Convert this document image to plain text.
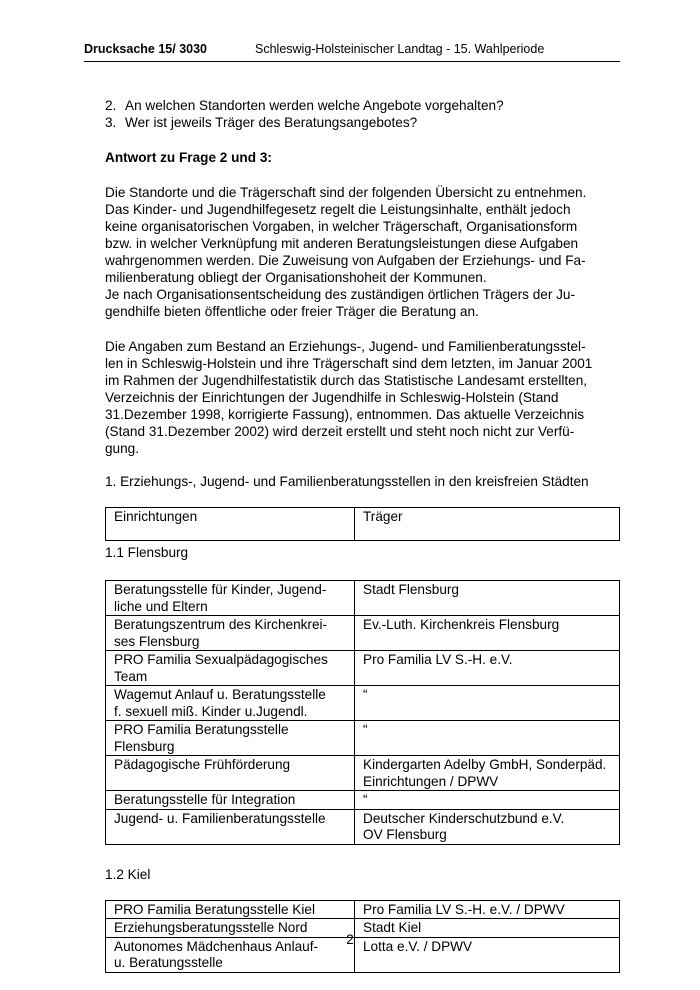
Drucksache 15/ 3030	Schleswig-Holsteinischer Landtag - 15. Wahlperiode
2. An welchen Standorten werden welche Angebote vorgehalten?
3. Wer ist jeweils Träger des Beratungsangebotes?

Antwort zu Frage 2 und 3:

Die Standorte und die Trägerschaft sind der folgenden Übersicht zu entnehmen.
Das Kinder- und Jugendhilfegesetz regelt die Leistungsinhalte, enthält jedoch
keine organisatorischen Vorgaben, in welcher Trägerschaft, Organisationsform
bzw. in welcher Verknüpfung mit anderen Beratungsleistungen diese Aufgaben
wahrgenommen werden. Die Zuweisung von Aufgaben der Erziehungs- und Fa-
milienberatung obliegt der Organisationshoheit der Kommunen.
Je nach Organisationsentscheidung des zuständigen örtlichen Trägers der Ju-
gendhilfe bieten öffentliche oder freier Träger die Beratung an.

Die Angaben zum Bestand an Erziehungs-, Jugend- und Familienberatungsstel-
len in Schleswig-Holstein und ihre Trägerschaft sind dem letzten, im Januar 2001
im Rahmen der Jugendhilfestatistik durch das Statistische Landesamt erstellten,
Verzeichnis der Einrichtungen der Jugendhilfe in Schleswig-Holstein (Stand
31.Dezember 1998, korrigierte Fassung), entnommen. Das aktuelle Verzeichnis
(Stand 31.Dezember 2002) wird derzeit erstellt und steht noch nicht zur Verfü-
gung.

1. Erziehungs-, Jugend- und Familienberatungsstellen in den kreisfreien Städten

Einrichtungen	Träger

1.1 Flensburg

Beratungsstelle für Kinder, Jugend-
liche und Eltern	Stadt Flensburg
Beratungszentrum des Kirchenkrei-
ses Flensburg	Ev.-Luth. Kirchenkreis Flensburg
PRO Familia Sexualpädagogisches
Team	Pro Familia LV S.-H. e.V.
Wagemut Anlauf u. Beratungsstelle
f. sexuell miß. Kinder u.Jugendl.	“
PRO Familia Beratungsstelle
Flensburg	“
Pädagogische Frühförderung	Kindergarten Adelby GmbH, Sonderpäd.
Einrichtungen / DPWV
Beratungsstelle für Integration	“
Jugend- u. Familienberatungsstelle	Deutscher Kinderschutzbund e.V.
OV Flensburg

1.2 Kiel

PRO Familia Beratungsstelle Kiel	Pro Familia LV S.-H. e.V. / DPWV
Erziehungsberatungsstelle Nord	Stadt Kiel
Autonomes Mädchenhaus Anlauf-
u. Beratungsstelle	Lotta e.V. / DPWV
2
